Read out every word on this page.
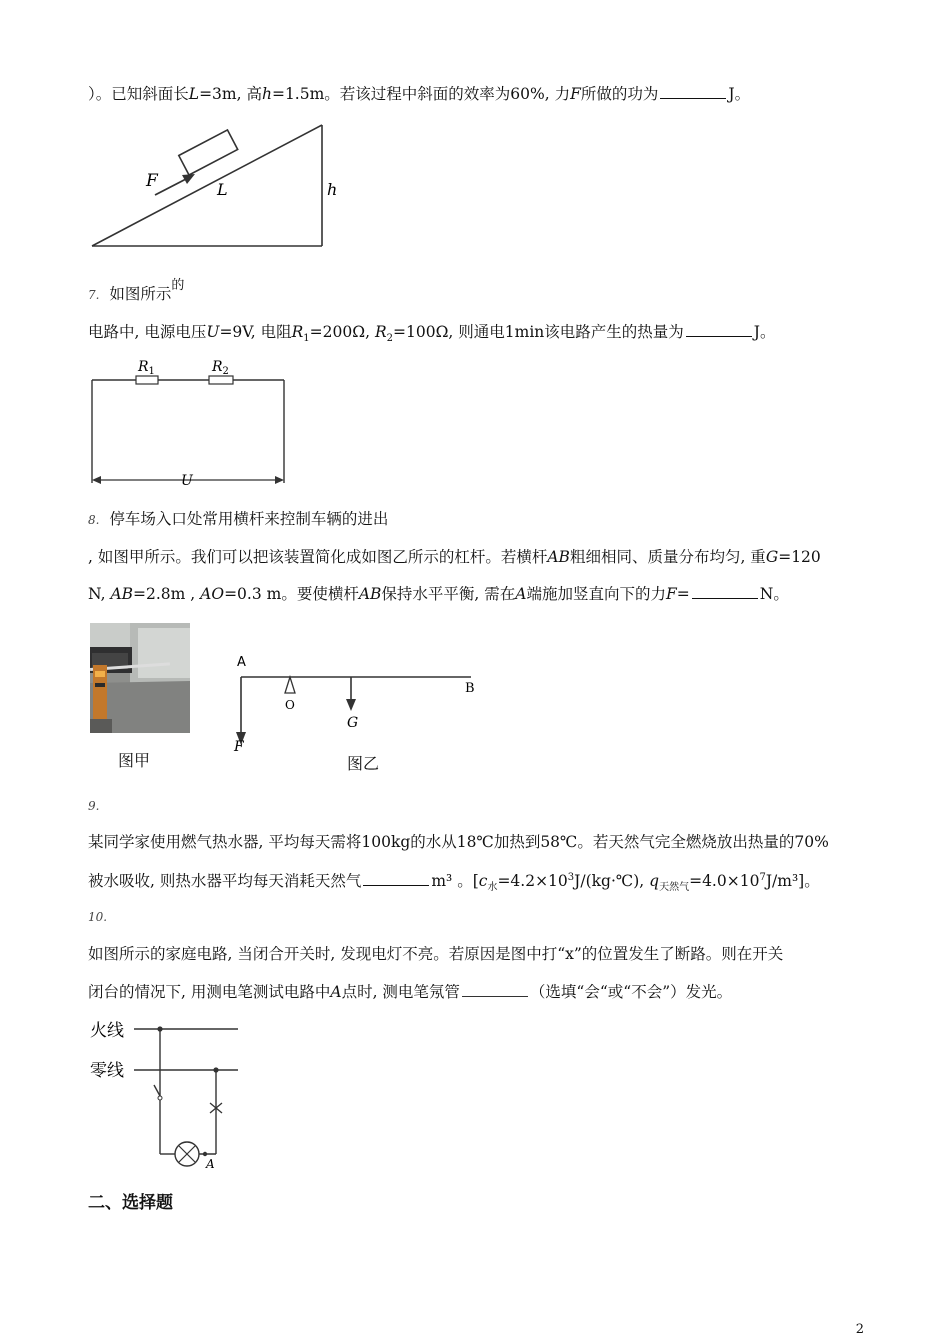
）。已知斜面长L=3m, 高h=1.5m。若该过程中斜面的效率为60%, 力F所做的功为	J。
F	L	h
7. 如图所示$^的$
电路中, 电源电压U=9V, 电阻$R_1=200\Omega$, $R_2=100\Omega$, 则通电1min该电路产生的热量为	J。
$R_1$	$R_2$
U
8. 停车场入口处常用横杆来控制车辆的进出
, 如图甲所示。我们可以把该装置简化成如图乙所示的杠杆。若横杆AB粗细相同、质量分布均匀, 重G=120
N, AB=2.8m , AO=0.3 m。要使横杆AB保持水平平衡, 需在A端施加竖直向下的力F=	N。
图甲
A
B
F
O
G
图乙
9.
某同学家使用燃气热水器, 平均每天需将100kg的水从18℃加热到58℃。若天然气完全燃烧放出热量的70%
被水吸收, 则热水器平均每天消耗天然气	m³ 。[$c_水=4.2\times 10^3J/(kg\cdot℃)$, $q_{天然气}=4.0\times 10^7J/m^3$]。
10.
如图所示的家庭电路, 当闭合开关时, 发现电灯不亮。若原因是图中打“x”的位置发生了断路。则在开关
闭台的情况下, 用测电笔测试电路中A点时, 测电笔氖管	（选填“会“或“不会”）发光。
火线
零线
A
二、选择题
2
